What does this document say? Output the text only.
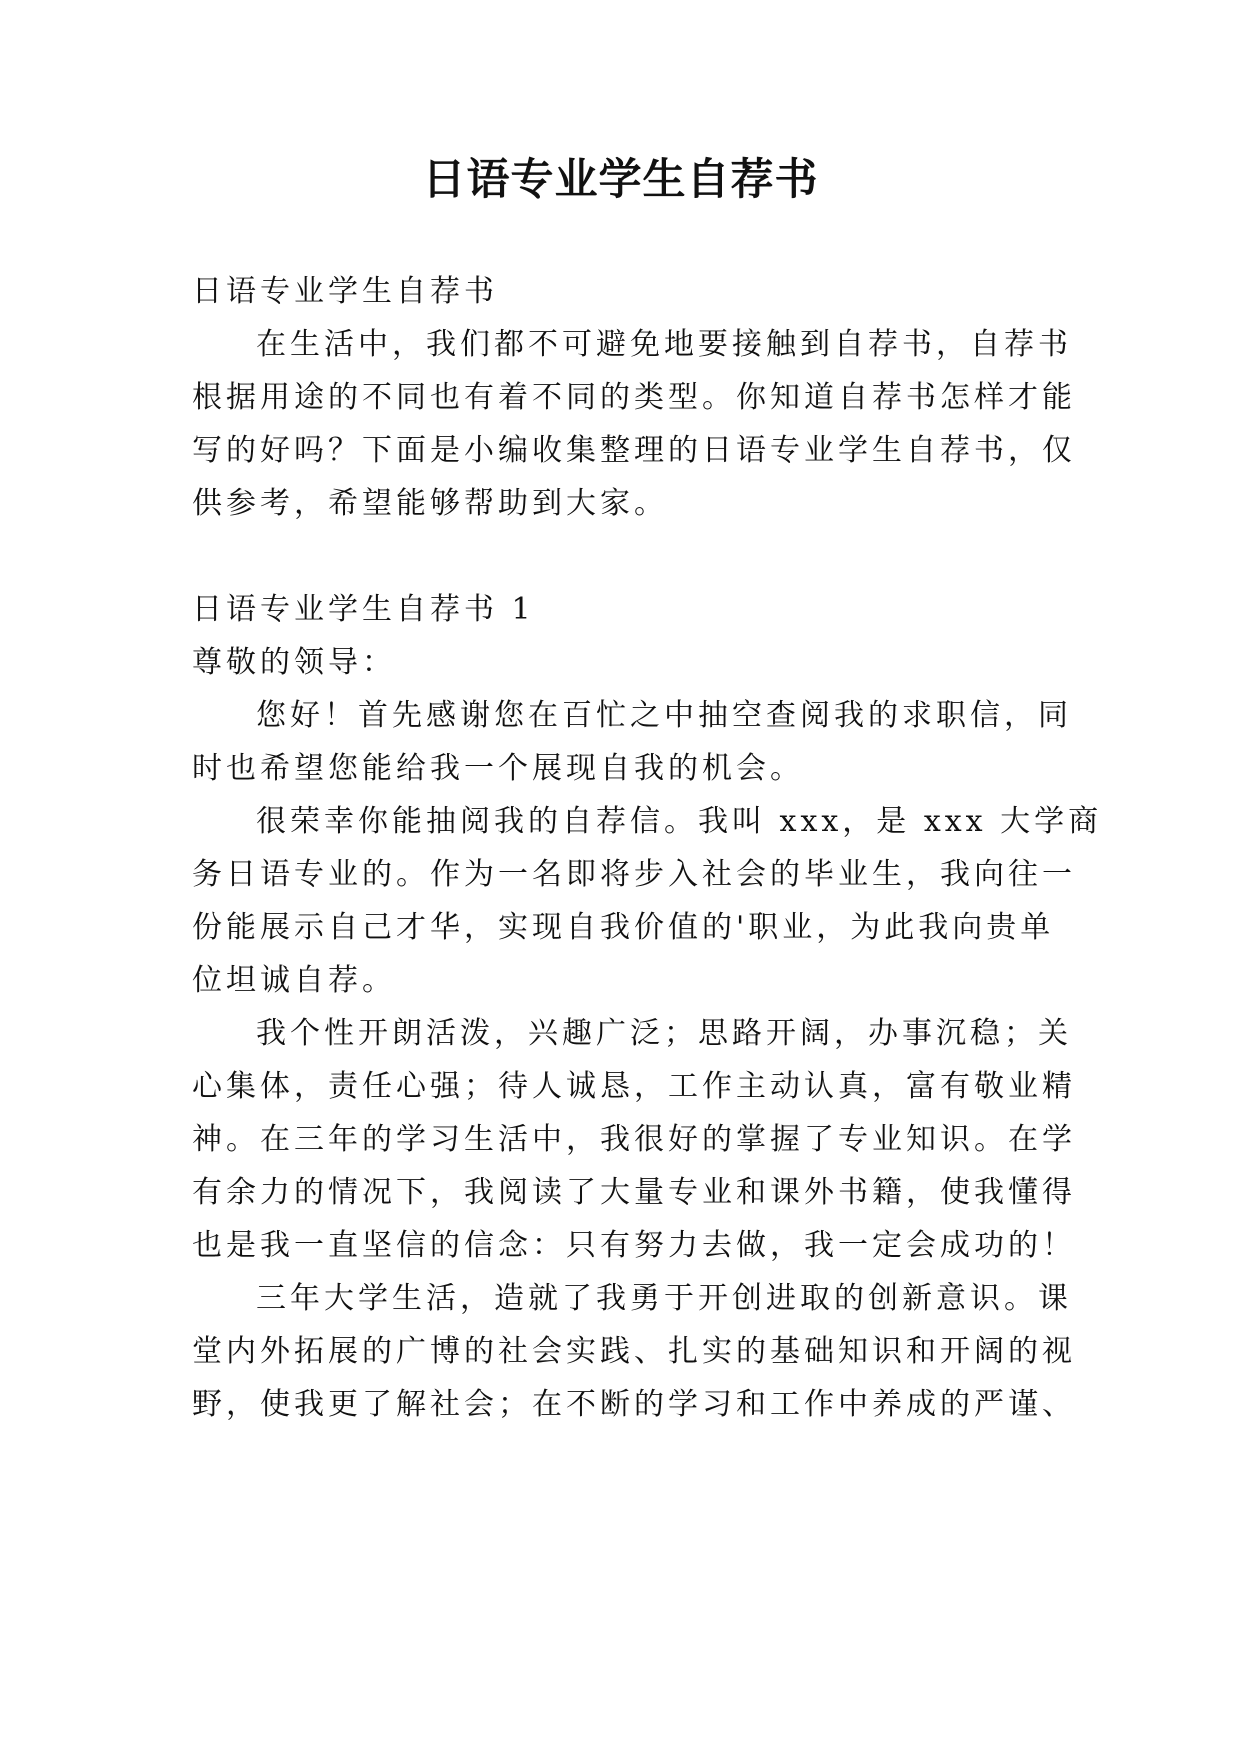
日语专业学生自荐书
日语专业学生自荐书
在生活中，我们都不可避免地要接触到自荐书，自荐书
根据用途的不同也有着不同的类型。你知道自荐书怎样才能
写的好吗？下面是小编收集整理的日语专业学生自荐书，仅
供参考，希望能够帮助到大家。
日语专业学生自荐书 1
尊敬的领导：
您好！首先感谢您在百忙之中抽空查阅我的求职信，同
时也希望您能给我一个展现自我的机会。
很荣幸你能抽阅我的自荐信。我叫 xxx，是 xxx 大学商
务日语专业的。作为一名即将步入社会的毕业生，我向往一
份能展示自己才华，实现自我价值的'职业，为此我向贵单
位坦诚自荐。
我个性开朗活泼，兴趣广泛；思路开阔，办事沉稳；关
心集体，责任心强；待人诚恳，工作主动认真，富有敬业精
神。在三年的学习生活中，我很好的掌握了专业知识。在学
有余力的情况下，我阅读了大量专业和课外书籍，使我懂得
也是我一直坚信的信念：只有努力去做，我一定会成功的！
三年大学生活，造就了我勇于开创进取的创新意识。课
堂内外拓展的广博的社会实践、扎实的基础知识和开阔的视
野，使我更了解社会；在不断的学习和工作中养成的严谨、
